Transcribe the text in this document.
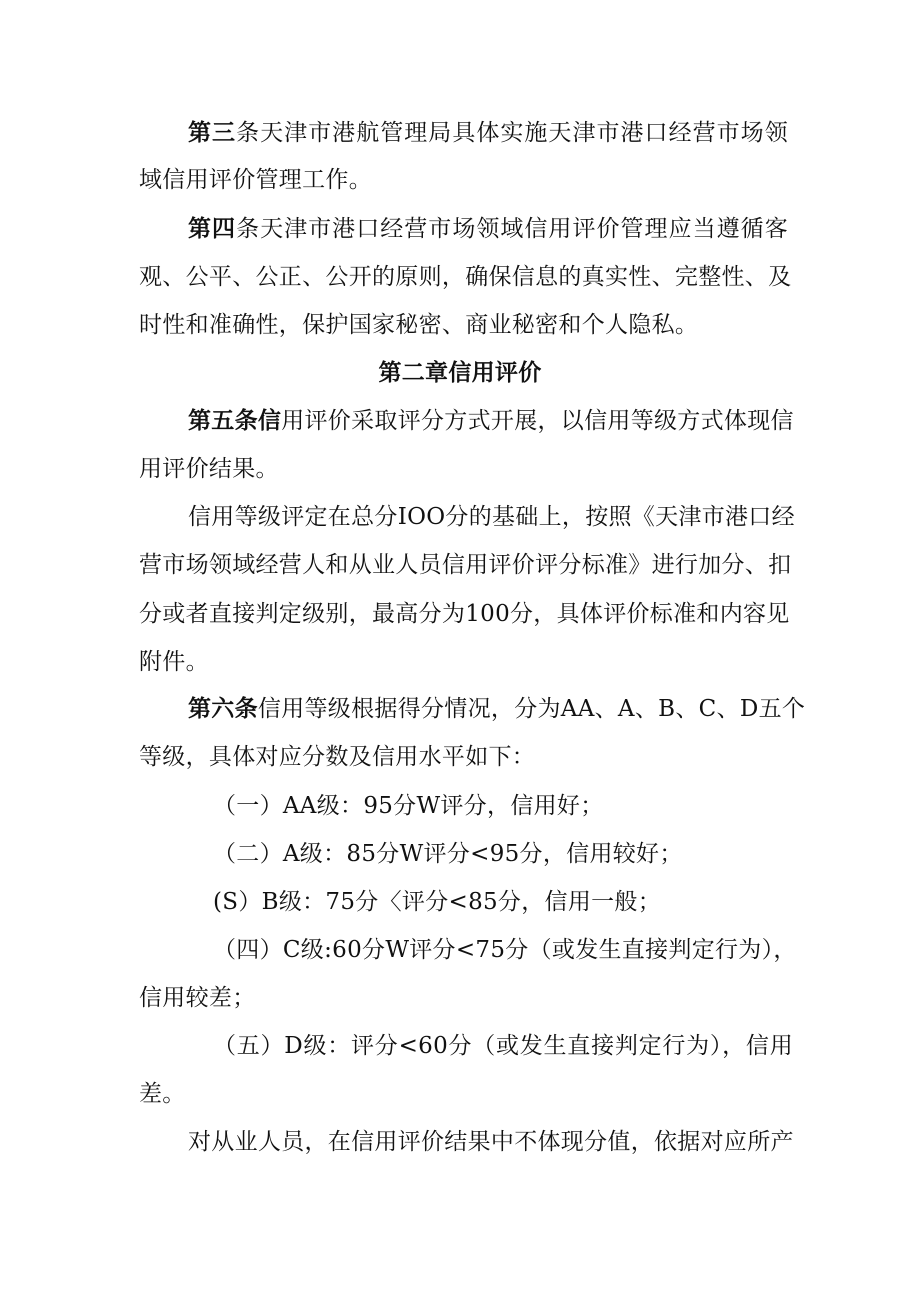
第三条天津市港航管理局具体实施天津市港口经营市场领
域信用评价管理工作。
第四条天津市港口经营市场领域信用评价管理应当遵循客
观、公平、公正、公开的原则，确保信息的真实性、完整性、及
时性和准确性，保护国家秘密、商业秘密和个人隐私。
第二章信用评价
第五条信用评价采取评分方式开展，以信用等级方式体现信
用评价结果。
信用等级评定在总分IOO分的基础上，按照《天津市港口经
营市场领域经营人和从业人员信用评价评分标准》进行加分、扣
分或者直接判定级别，最高分为100分，具体评价标准和内容见
附件。
第六条信用等级根据得分情况，分为AA、A、B、C、D五个
等级，具体对应分数及信用水平如下：
（一）AA级：95分W评分，信用好；
（二）A级：85分W评分<95分，信用较好；
(S）B级：75分〈评分<85分，信用一般；
（四）C级:60分W评分<75分（或发生直接判定行为），
信用较差；
（五）D级：评分<60分（或发生直接判定行为），信用
差。
对从业人员，在信用评价结果中不体现分值，依据对应所产
